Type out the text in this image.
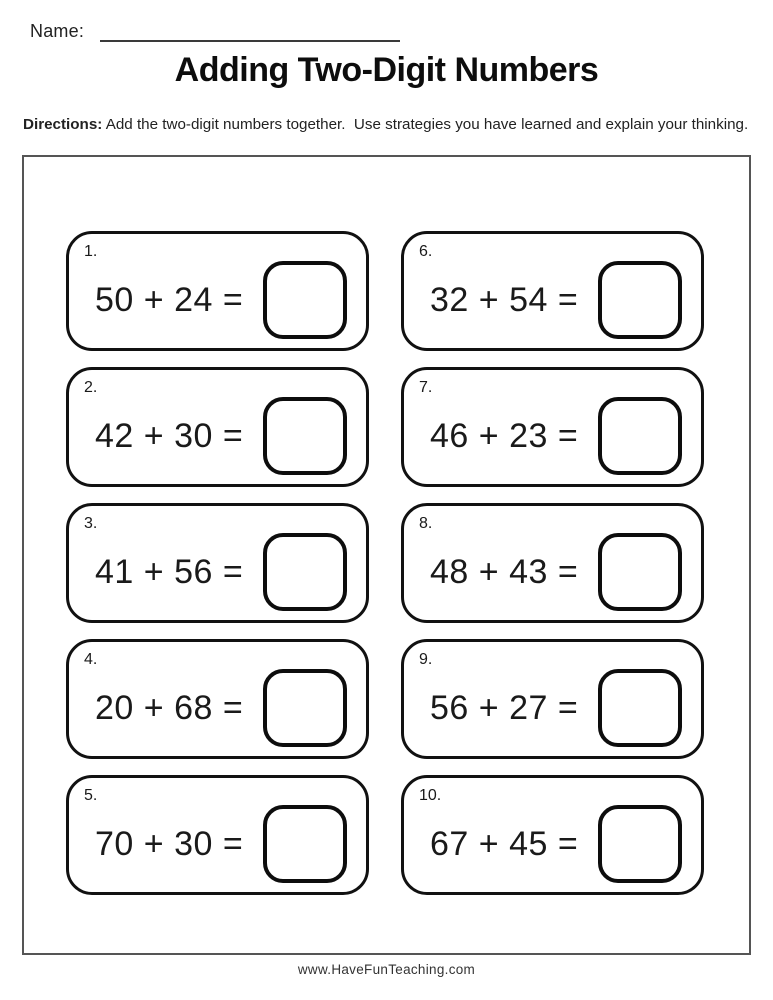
Name:
Adding Two-Digit Numbers
Directions: Add the two-digit numbers together.  Use strategies you have learned and explain your thinking.
1.
50 + 24 =
2.
42 + 30 =
3.
41 + 56 =
4.
20 + 68 =
5.
70 + 30 =
6.
32 + 54 =
7.
46 + 23 =
8.
48 + 43 =
9.
56 + 27 =
10.
67 + 45 =
www.HaveFunTeaching.com
